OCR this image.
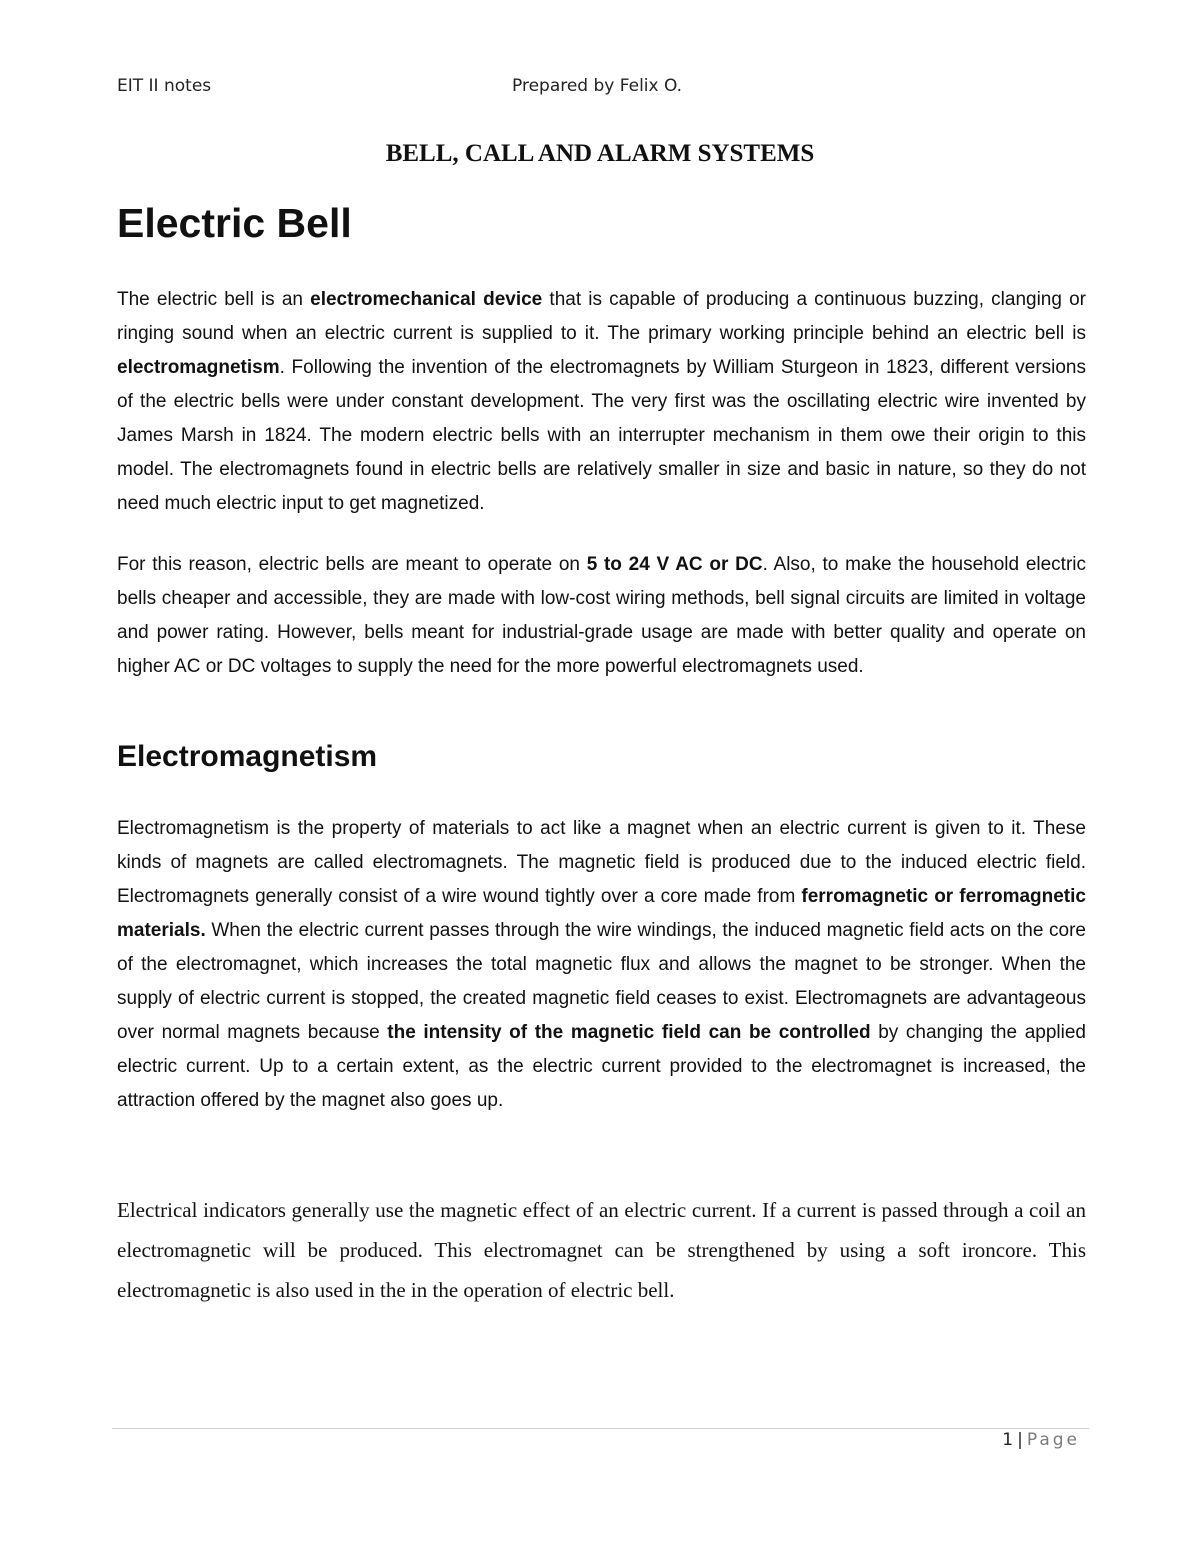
EIT II notes	Prepared by Felix O.
BELL, CALL AND ALARM SYSTEMS
Electric Bell

The electric bell is an electromechanical device that is capable of producing a continuous buzzing, clanging or ringing sound when an electric current is supplied to it. The primary working principle behind an electric bell is electromagnetism. Following the invention of the electromagnets by William Sturgeon in 1823, different versions of the electric bells were under constant development. The very first was the oscillating electric wire invented by James Marsh in 1824. The modern electric bells with an interrupter mechanism in them owe their origin to this model. The electromagnets found in electric bells are relatively smaller in size and basic in nature, so they do not need much electric input to get magnetized.

For this reason, electric bells are meant to operate on 5 to 24 V AC or DC. Also, to make the household electric bells cheaper and accessible, they are made with low-cost wiring methods, bell signal circuits are limited in voltage and power rating. However, bells meant for industrial-grade usage are made with better quality and operate on higher AC or DC voltages to supply the need for the more powerful electromagnets used.

Electromagnetism

Electromagnetism is the property of materials to act like a magnet when an electric current is given to it. These kinds of magnets are called electromagnets. The magnetic field is produced due to the induced electric field. Electromagnets generally consist of a wire wound tightly over a core made from ferromagnetic or ferromagnetic materials. When the electric current passes through the wire windings, the induced magnetic field acts on the core of the electromagnet, which increases the total magnetic flux and allows the magnet to be stronger. When the supply of electric current is stopped, the created magnetic field ceases to exist. Electromagnets are advantageous over normal magnets because the intensity of the magnetic field can be controlled by changing the applied electric current. Up to a certain extent, as the electric current provided to the electromagnet is increased, the attraction offered by the magnet also goes up.

Electrical indicators generally use the magnetic effect of an electric current. If a current is passed through a coil an electromagnetic will be produced. This electromagnet can be strengthened by using a soft ironcore. This electromagnetic is also used in the in the operation of electric bell.

1 | Page
